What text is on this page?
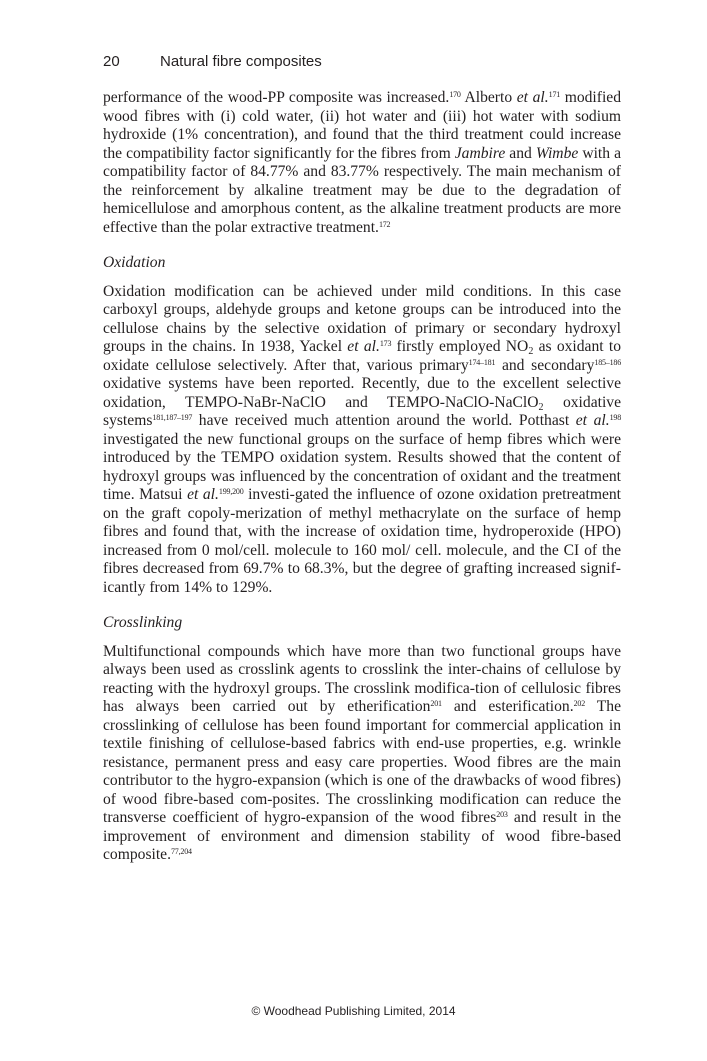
20	Natural fibre composites

performance of the wood-PP composite was increased.$^{170}$ Alberto et al.$^{171}$ modified wood fibres with (i) cold water, (ii) hot water and (iii) hot water with sodium hydroxide (1% concentration), and found that the third treatment could increase the compatibility factor significantly for the fibres from Jambire and Wimbe with a compatibility factor of 84.77% and 83.77% respectively. The main mechanism of the reinforcement by alkaline treatment may be due to the degradation of hemicellulose and amorphous content, as the alkaline treatment products are more effective than the polar extractive treatment.$^{172}$

Oxidation

Oxidation modification can be achieved under mild conditions. In this case carboxyl groups, aldehyde groups and ketone groups can be introduced into the cellulose chains by the selective oxidation of primary or secondary hydroxyl groups in the chains. In 1938, Yackel et al.$^{173}$ firstly employed $NO_2$ as oxidant to oxidate cellulose selectively. After that, various primary$^{174-181}$ and secondary$^{185-186}$ oxidative systems have been reported. Recently, due to the excellent selective oxidation, TEMPO-NaBr-NaClO and TEMPO-NaClO-NaClO$_2$ oxidative systems$^{181,187-197}$ have received much attention around the world. Potthast et al.$^{198}$ investigated the new functional groups on the surface of hemp fibres which were introduced by the TEMPO oxidation system. Results showed that the content of hydroxyl groups was influenced by the concentration of oxidant and the treatment time. Matsui et al.$^{199,200}$ investi-gated the influence of ozone oxidation pretreatment on the graft copoly-merization of methyl methacrylate on the surface of hemp fibres and found that, with the increase of oxidation time, hydroperoxide (HPO) increased from 0 mol/cell. molecule to 160 mol/ cell. molecule, and the CI of the fibres decreased from 69.7% to 68.3%, but the degree of grafting increased signif-icantly from 14% to 129%.

Crosslinking

Multifunctional compounds which have more than two functional groups have always been used as crosslink agents to crosslink the inter-chains of cellulose by reacting with the hydroxyl groups. The crosslink modifica-tion of cellulosic fibres has always been carried out by etherification$^{201}$ and esterification.$^{202}$ The crosslinking of cellulose has been found important for commercial application in textile finishing of cellulose-based fabrics with end-use properties, e.g. wrinkle resistance, permanent press and easy care properties. Wood fibres are the main contributor to the hygro-expansion (which is one of the drawbacks of wood fibres) of wood fibre-based com-posites. The crosslinking modification can reduce the transverse coefficient of hygro-expansion of the wood fibres$^{203}$ and result in the improvement of environment and dimension stability of wood fibre-based composite.$^{77,204}$

© Woodhead Publishing Limited, 2014
